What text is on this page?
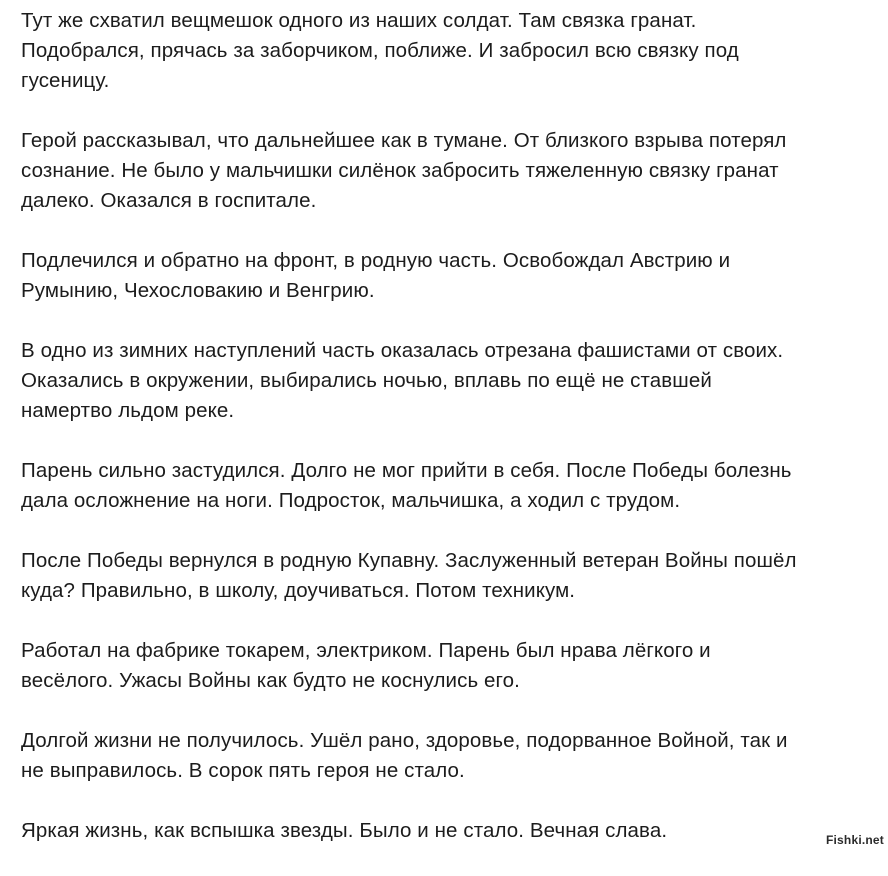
Тут же схватил вещмешок одного из наших солдат. Там связка гранат.
Подобрался, прячась за заборчиком, поближе. И забросил всю связку под
гусеницу.

Герой рассказывал, что дальнейшее как в тумане. От близкого взрыва потерял
сознание. Не было у мальчишки силёнок забросить тяжеленную связку гранат
далеко. Оказался в госпитале.

Подлечился и обратно на фронт, в родную часть. Освобождал Австрию и
Румынию, Чехословакию и Венгрию.

В одно из зимних наступлений часть оказалась отрезана фашистами от своих.
Оказались в окружении, выбирались ночью, вплавь по ещё не ставшей
намертво льдом реке.

Парень сильно застудился. Долго не мог прийти в себя. После Победы болезнь
дала осложнение на ноги. Подросток, мальчишка, а ходил с трудом.

После Победы вернулся в родную Купавну. Заслуженный ветеран Войны пошёл
куда? Правильно, в школу, доучиваться. Потом техникум.

Работал на фабрике токарем, электриком. Парень был нрава лёгкого и
весёлого. Ужасы Войны как будто не коснулись его.

Долгой жизни не получилось. Ушёл рано, здоровье, подорванное Войной, так и
не выправилось. В сорок пять героя не стало.

Яркая жизнь, как вспышка звезды. Было и не стало. Вечная слава.	Fishki.net
